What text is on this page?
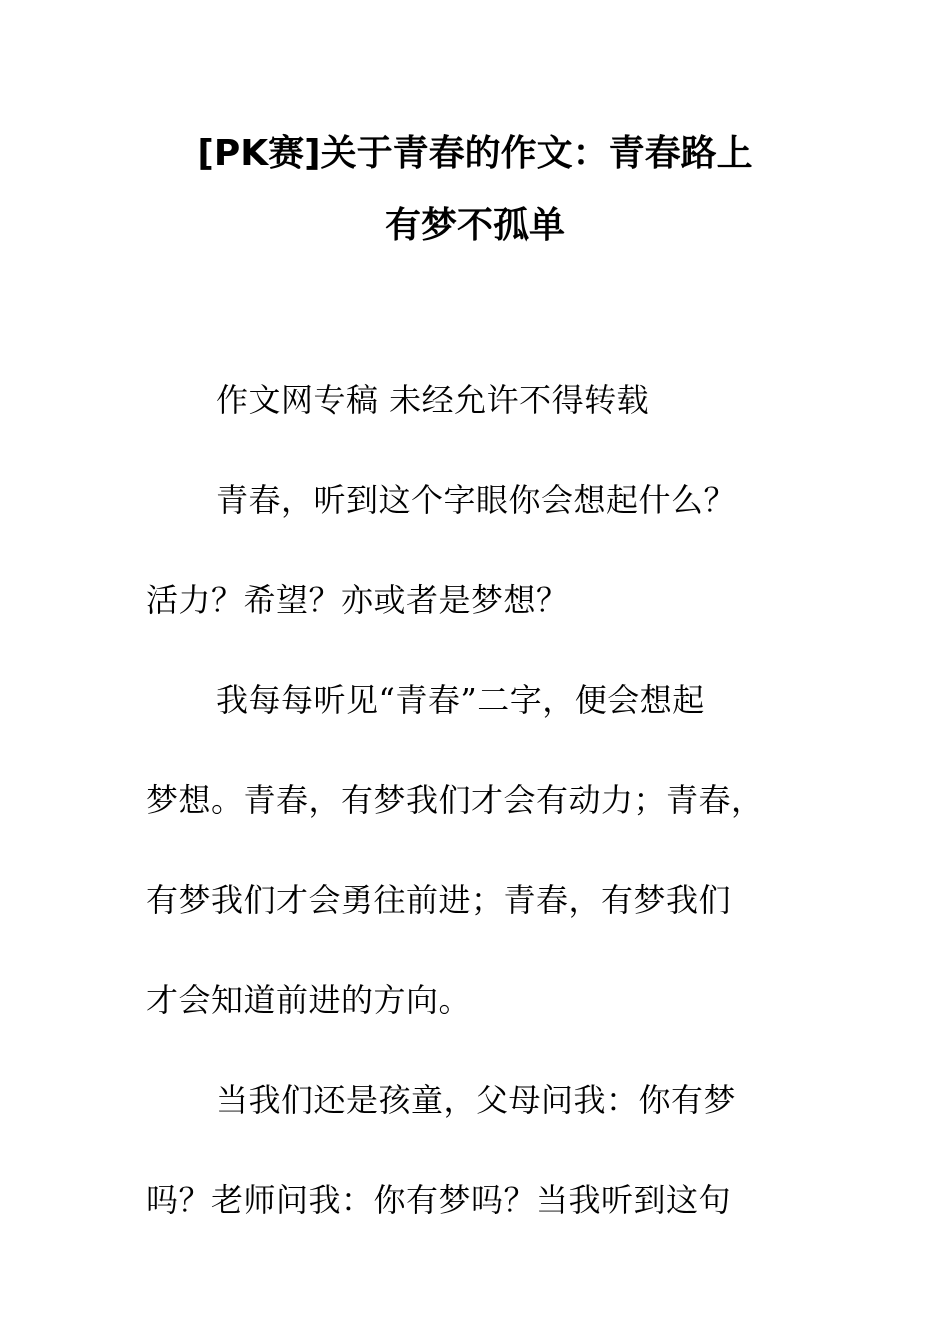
[PK赛]关于青春的作文：青春路上
有梦不孤单
作文网专稿 未经允许不得转载
青春，听到这个字眼你会想起什么？
活力？希望？亦或者是梦想？
我每每听见“青春”二字，便会想起
梦想。青春，有梦我们才会有动力；青春，
有梦我们才会勇往前进；青春，有梦我们
才会知道前进的方向。
当我们还是孩童，父母问我：你有梦
吗？老师问我：你有梦吗？当我听到这句
